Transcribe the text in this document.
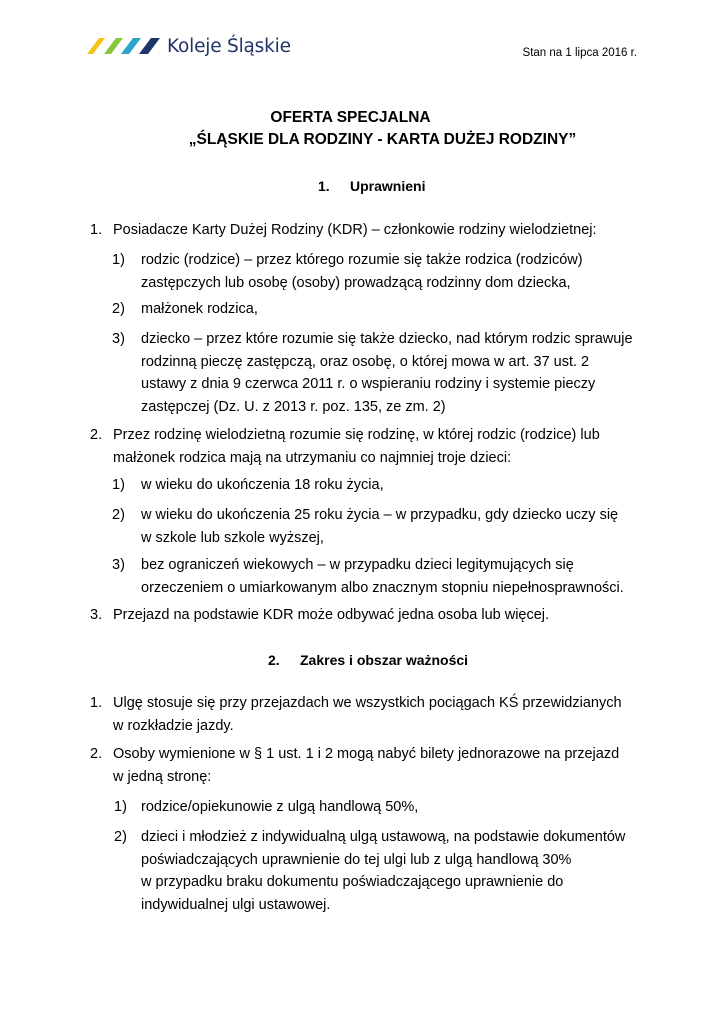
Koleje Śląskie	Stan na 1 lipca 2016 r.
OFERTA SPECJALNA
„ŚLĄSKIE DLA RODZINY - KARTA DUŻEJ RODZINY”
1. Uprawnieni
1. Posiadacze Karty Dużej Rodziny (KDR) – członkowie rodziny wielodzietnej:
1) rodzic (rodzice) – przez którego rozumie się także rodzica (rodziców)
zastępczych lub osobę (osoby) prowadzącą rodzinny dom dziecka,
2) małżonek rodzica,
3) dziecko – przez które rozumie się także dziecko, nad którym rodzic sprawuje
rodzinną pieczę zastępczą, oraz osobę, o której mowa w art. 37 ust. 2
ustawy z dnia 9 czerwca 2011 r. o wspieraniu rodziny i systemie pieczy
zastępczej (Dz. U. z 2013 r. poz. 135, ze zm. 2)
2. Przez rodzinę wielodzietną rozumie się rodzinę, w której rodzic (rodzice) lub
małżonek rodzica mają na utrzymaniu co najmniej troje dzieci:
1) w wieku do ukończenia 18 roku życia,
2) w wieku do ukończenia 25 roku życia – w przypadku, gdy dziecko uczy się
w szkole lub szkole wyższej,
3) bez ograniczeń wiekowych – w przypadku dzieci legitymujących się
orzeczeniem o umiarkowanym albo znacznym stopniu niepełnosprawności.
3. Przejazd na podstawie KDR może odbywać jedna osoba lub więcej.
2. Zakres i obszar ważności
1. Ulgę stosuje się przy przejazdach we wszystkich pociągach KŚ przewidzianych
w rozkładzie jazdy.
2. Osoby wymienione w § 1 ust. 1 i 2 mogą nabyć bilety jednorazowe na przejazd
w jedną stronę:
1) rodzice/opiekunowie z ulgą handlową 50%,
2) dzieci i młodzież z indywidualną ulgą ustawową, na podstawie dokumentów
poświadczających uprawnienie do tej ulgi lub z ulgą handlową 30%
w przypadku braku dokumentu poświadczającego uprawnienie do
indywidualnej ulgi ustawowej.
